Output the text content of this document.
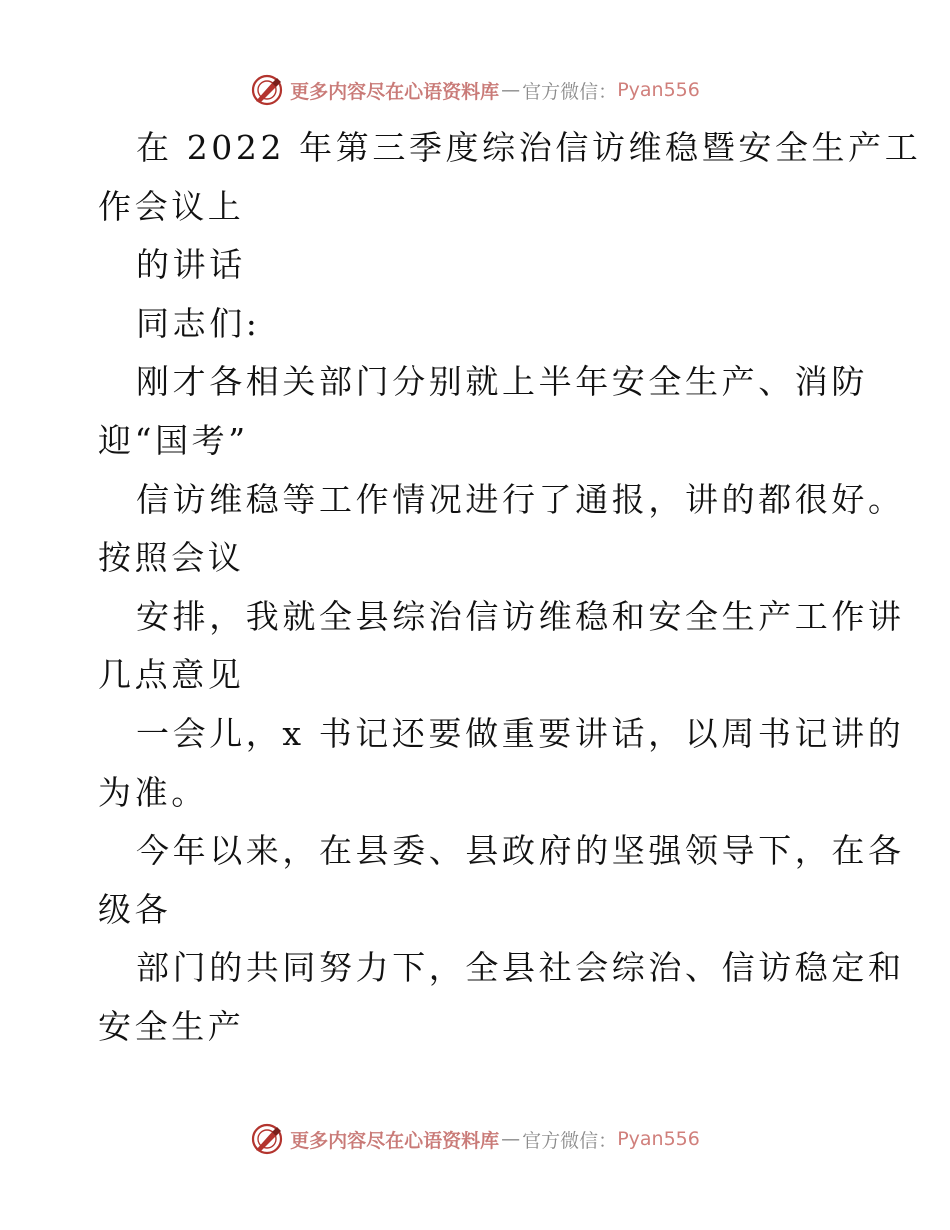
更多内容尽在心语资料库 — 官方微信： Pyan556
在 2022 年第三季度综治信访维稳暨安全生产工
作会议上
的讲话
同志们:
刚才各相关部门分别就上半年安全生产、消防
迎“国考”
信访维稳等工作情况进行了通报，讲的都很好。
按照会议
安排，我就全县综治信访维稳和安全生产工作讲
几点意见
一会儿，x 书记还要做重要讲话，以周书记讲的
为准。
今年以来，在县委、县政府的坚强领导下，在各
级各
部门的共同努力下，全县社会综治、信访稳定和
安全生产
更多内容尽在心语资料库 — 官方微信： Pyan556
